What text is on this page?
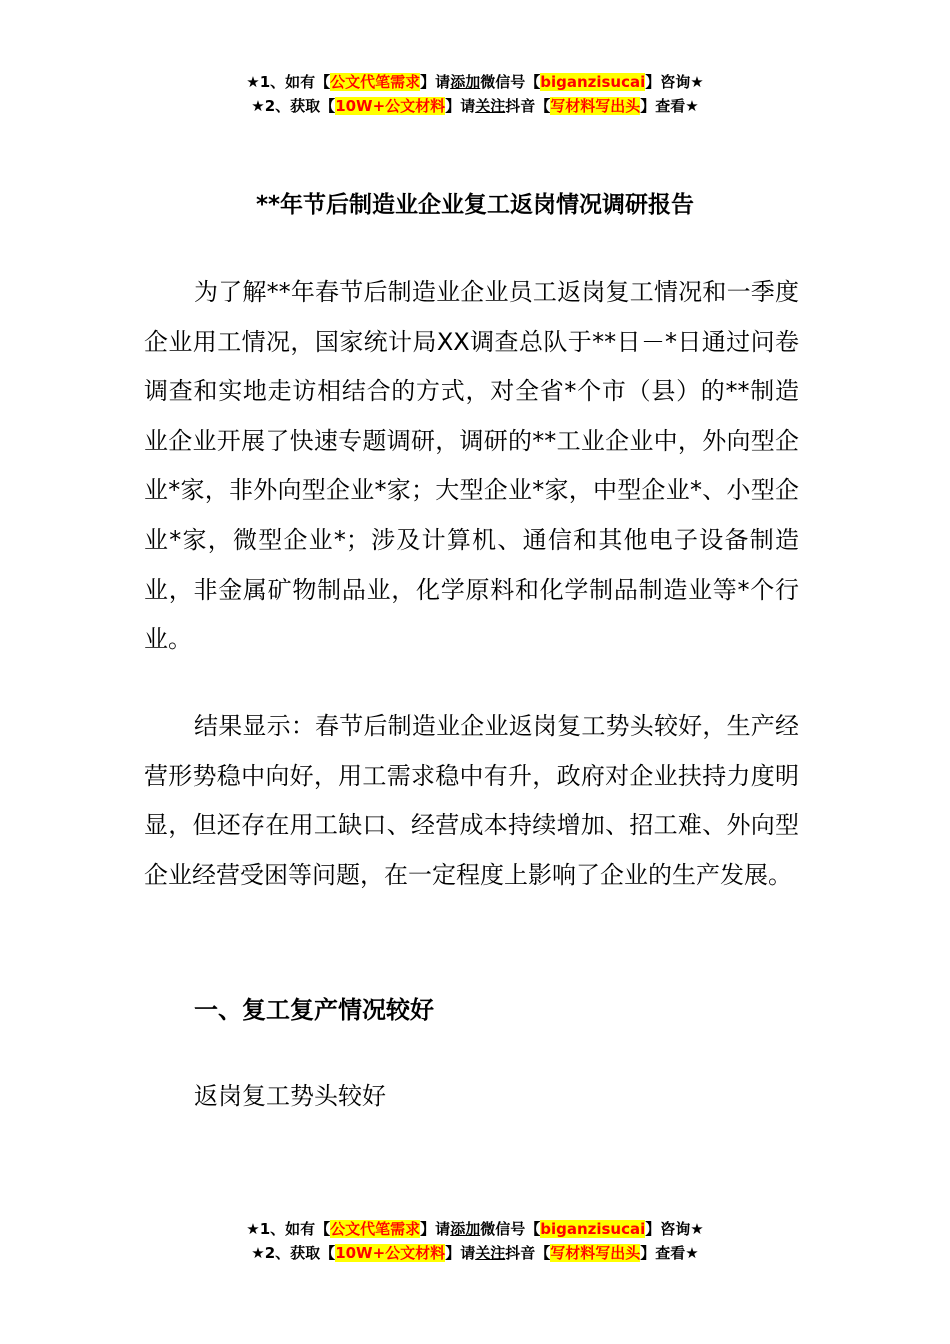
★1、如有【公文代笔需求】请添加微信号【biganzisucai】咨询★
★2、获取【10W+公文材料】请关注抖音【写材料写出头】查看★
**年节后制造业企业复工返岗情况调研报告
为了解**年春节后制造业企业员工返岗复工情况和一季度企业用工情况，国家统计局XX调查总队于**日－*日通过问卷调查和实地走访相结合的方式，对全省*个市（县）的**制造业企业开展了快速专题调研，调研的**工业企业中，外向型企业*家，非外向型企业*家；大型企业*家，中型企业*、小型企业*家，微型企业*；涉及计算机、通信和其他电子设备制造业，非金属矿物制品业，化学原料和化学制品制造业等*个行业。
结果显示：春节后制造业企业返岗复工势头较好，生产经营形势稳中向好，用工需求稳中有升，政府对企业扶持力度明显，但还存在用工缺口、经营成本持续增加、招工难、外向型企业经营受困等问题，在一定程度上影响了企业的生产发展。
一、复工复产情况较好
返岗复工势头较好
★1、如有【公文代笔需求】请添加微信号【biganzisucai】咨询★
★2、获取【10W+公文材料】请关注抖音【写材料写出头】查看★
